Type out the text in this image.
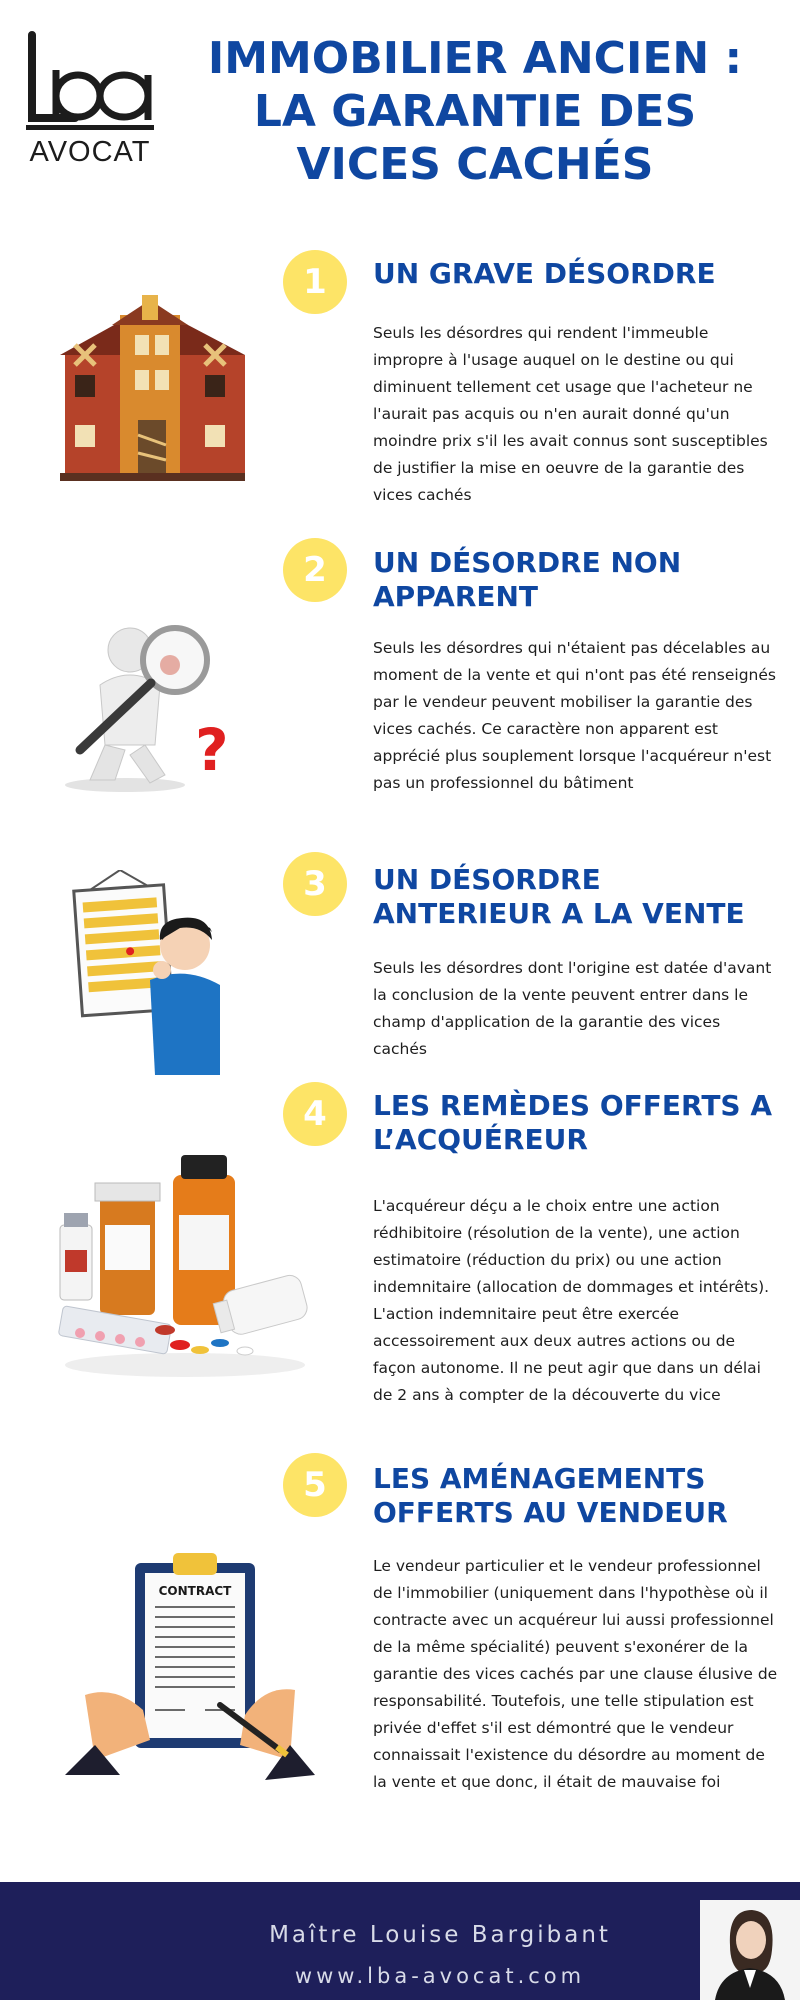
AVOCAT
IMMOBILIER ANCIEN :
LA GARANTIE DES
VICES CACHÉS
1	UN GRAVE DÉSORDRE
Seuls les désordres qui rendent l'immeuble impropre à l'usage auquel on le destine ou qui diminuent tellement cet usage que l'acheteur ne l'aurait pas acquis ou n'en aurait donné qu'un moindre prix s'il les avait connus sont susceptibles de justifier la mise en oeuvre de la garantie des vices cachés
2	UN DÉSORDRE NON APPARENT
Seuls les désordres qui n'étaient pas décelables au moment de la vente et qui n'ont pas été renseignés par le vendeur peuvent mobiliser la garantie des vices cachés. Ce caractère non apparent est apprécié plus souplement lorsque l'acquéreur n'est pas un professionnel du bâtiment
?
3	UN DÉSORDRE ANTERIEUR A LA VENTE
Seuls les désordres dont l'origine est datée d'avant la conclusion de la vente peuvent entrer dans le champ d'application de la garantie des vices cachés
4	LES REMÈDES OFFERTS A L’ACQUÉREUR
L'acquéreur déçu a le choix entre une action rédhibitoire (résolution de la vente), une action estimatoire (réduction du prix) ou une action indemnitaire (allocation de dommages et intérêts). L'action indemnitaire peut être exercée accessoirement aux deux autres actions ou de façon autonome. Il ne peut agir que dans un délai de 2 ans à compter de la découverte du vice
5	LES AMÉNAGEMENTS OFFERTS AU VENDEUR
Le vendeur particulier et le vendeur professionnel de l'immobilier (uniquement dans l'hypothèse où il contracte avec un acquéreur lui aussi professionnel de la même spécialité) peuvent s'exonérer de la garantie des vices cachés par une clause élusive de responsabilité. Toutefois, une telle stipulation est privée d'effet s'il est démontré que le vendeur connaissait l'existence du désordre au moment de la vente et que donc, il était de mauvaise foi
CONTRACT
Maître Louise Bargibant
www.lba-avocat.com
